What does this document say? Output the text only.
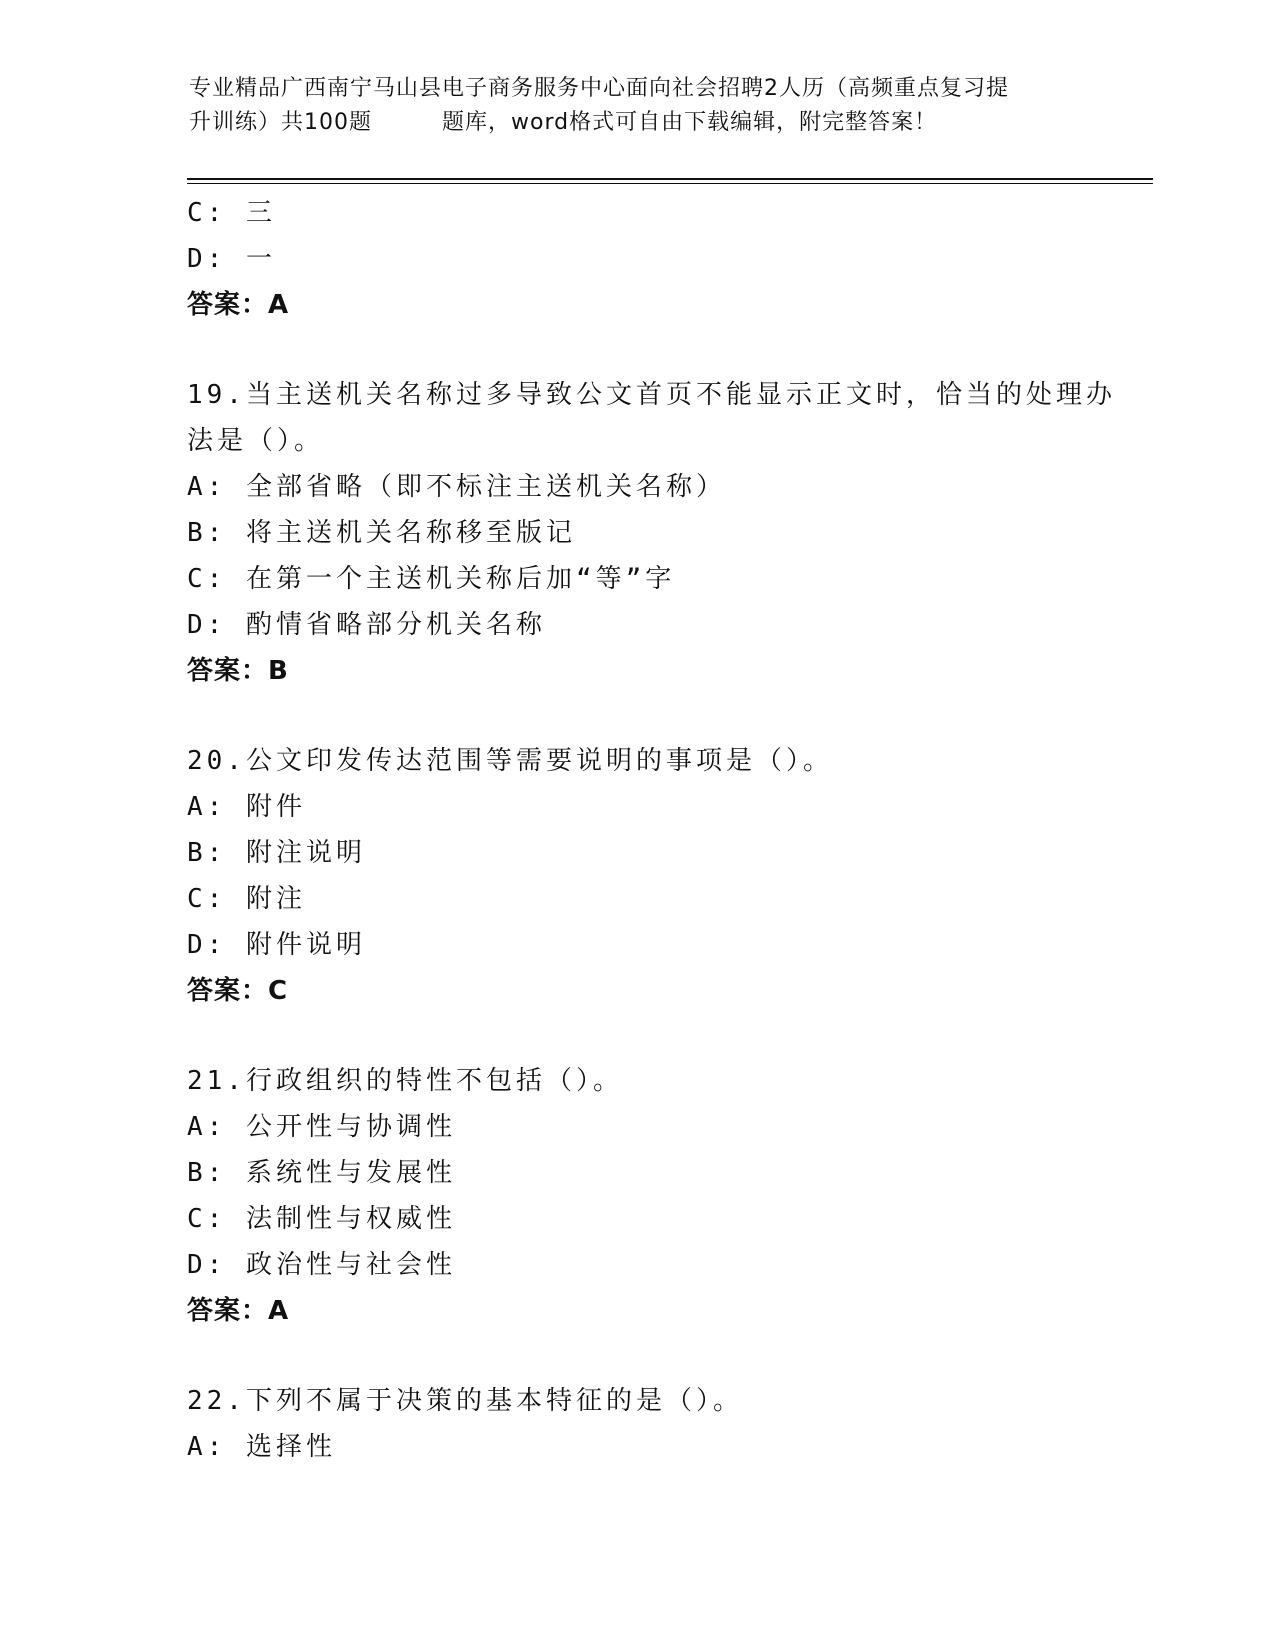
专业精品广西南宁马山县电子商务服务中心面向社会招聘2人历（高频重点复习提
升训练）共100题	题库，word格式可自由下载编辑，附完整答案！
C: 三
D: 一
答案：A
19.当主送机关名称过多导致公文首页不能显示正文时，恰当的处理办
法是（）。
A: 全部省略（即不标注主送机关名称）
B: 将主送机关名称移至版记
C: 在第一个主送机关称后加“等”字
D: 酌情省略部分机关名称
答案：B
20.公文印发传达范围等需要说明的事项是（）。
A: 附件
B: 附注说明
C: 附注
D: 附件说明
答案：C
21.行政组织的特性不包括（）。
A: 公开性与协调性
B: 系统性与发展性
C: 法制性与权威性
D: 政治性与社会性
答案：A
22.下列不属于决策的基本特征的是（）。
A: 选择性
